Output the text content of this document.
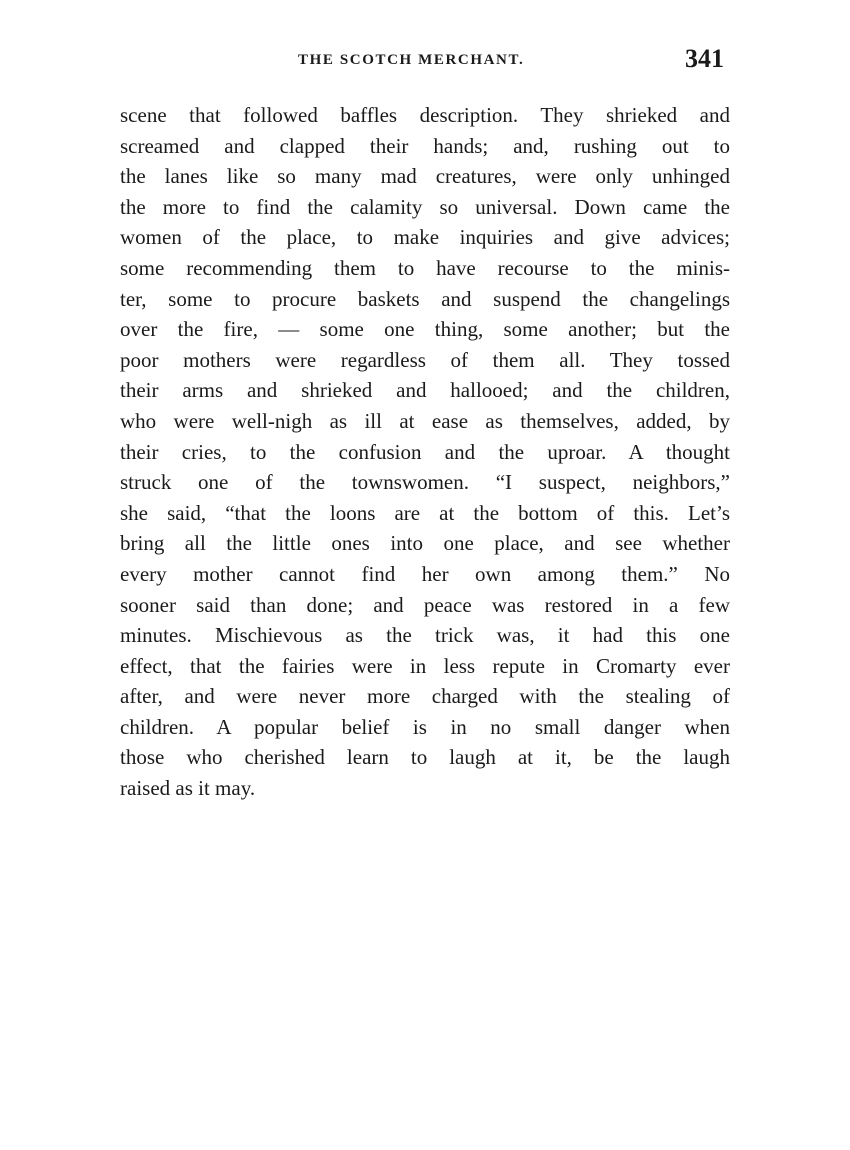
THE SCOTCH MERCHANT.	341
scene that followed baffles description. They shrieked and
screamed and clapped their hands; and, rushing out to
the lanes like so many mad creatures, were only unhinged
the more to find the calamity so universal. Down came the
women of the place, to make inquiries and give advices;
some recommending them to have recourse to the minis-
ter, some to procure baskets and suspend the changelings
over the fire, — some one thing, some another; but the
poor mothers were regardless of them all. They tossed
their arms and shrieked and hallooed; and the children,
who were well-nigh as ill at ease as themselves, added, by
their cries, to the confusion and the uproar. A thought
struck one of the townswomen. “I suspect, neighbors,”
she said, “that the loons are at the bottom of this. Let’s
bring all the little ones into one place, and see whether
every mother cannot find her own among them.” No
sooner said than done; and peace was restored in a few
minutes. Mischievous as the trick was, it had this one
effect, that the fairies were in less repute in Cromarty ever
after, and were never more charged with the stealing of
children. A popular belief is in no small danger when
those who cherished learn to laugh at it, be the laugh
raised as it may.
